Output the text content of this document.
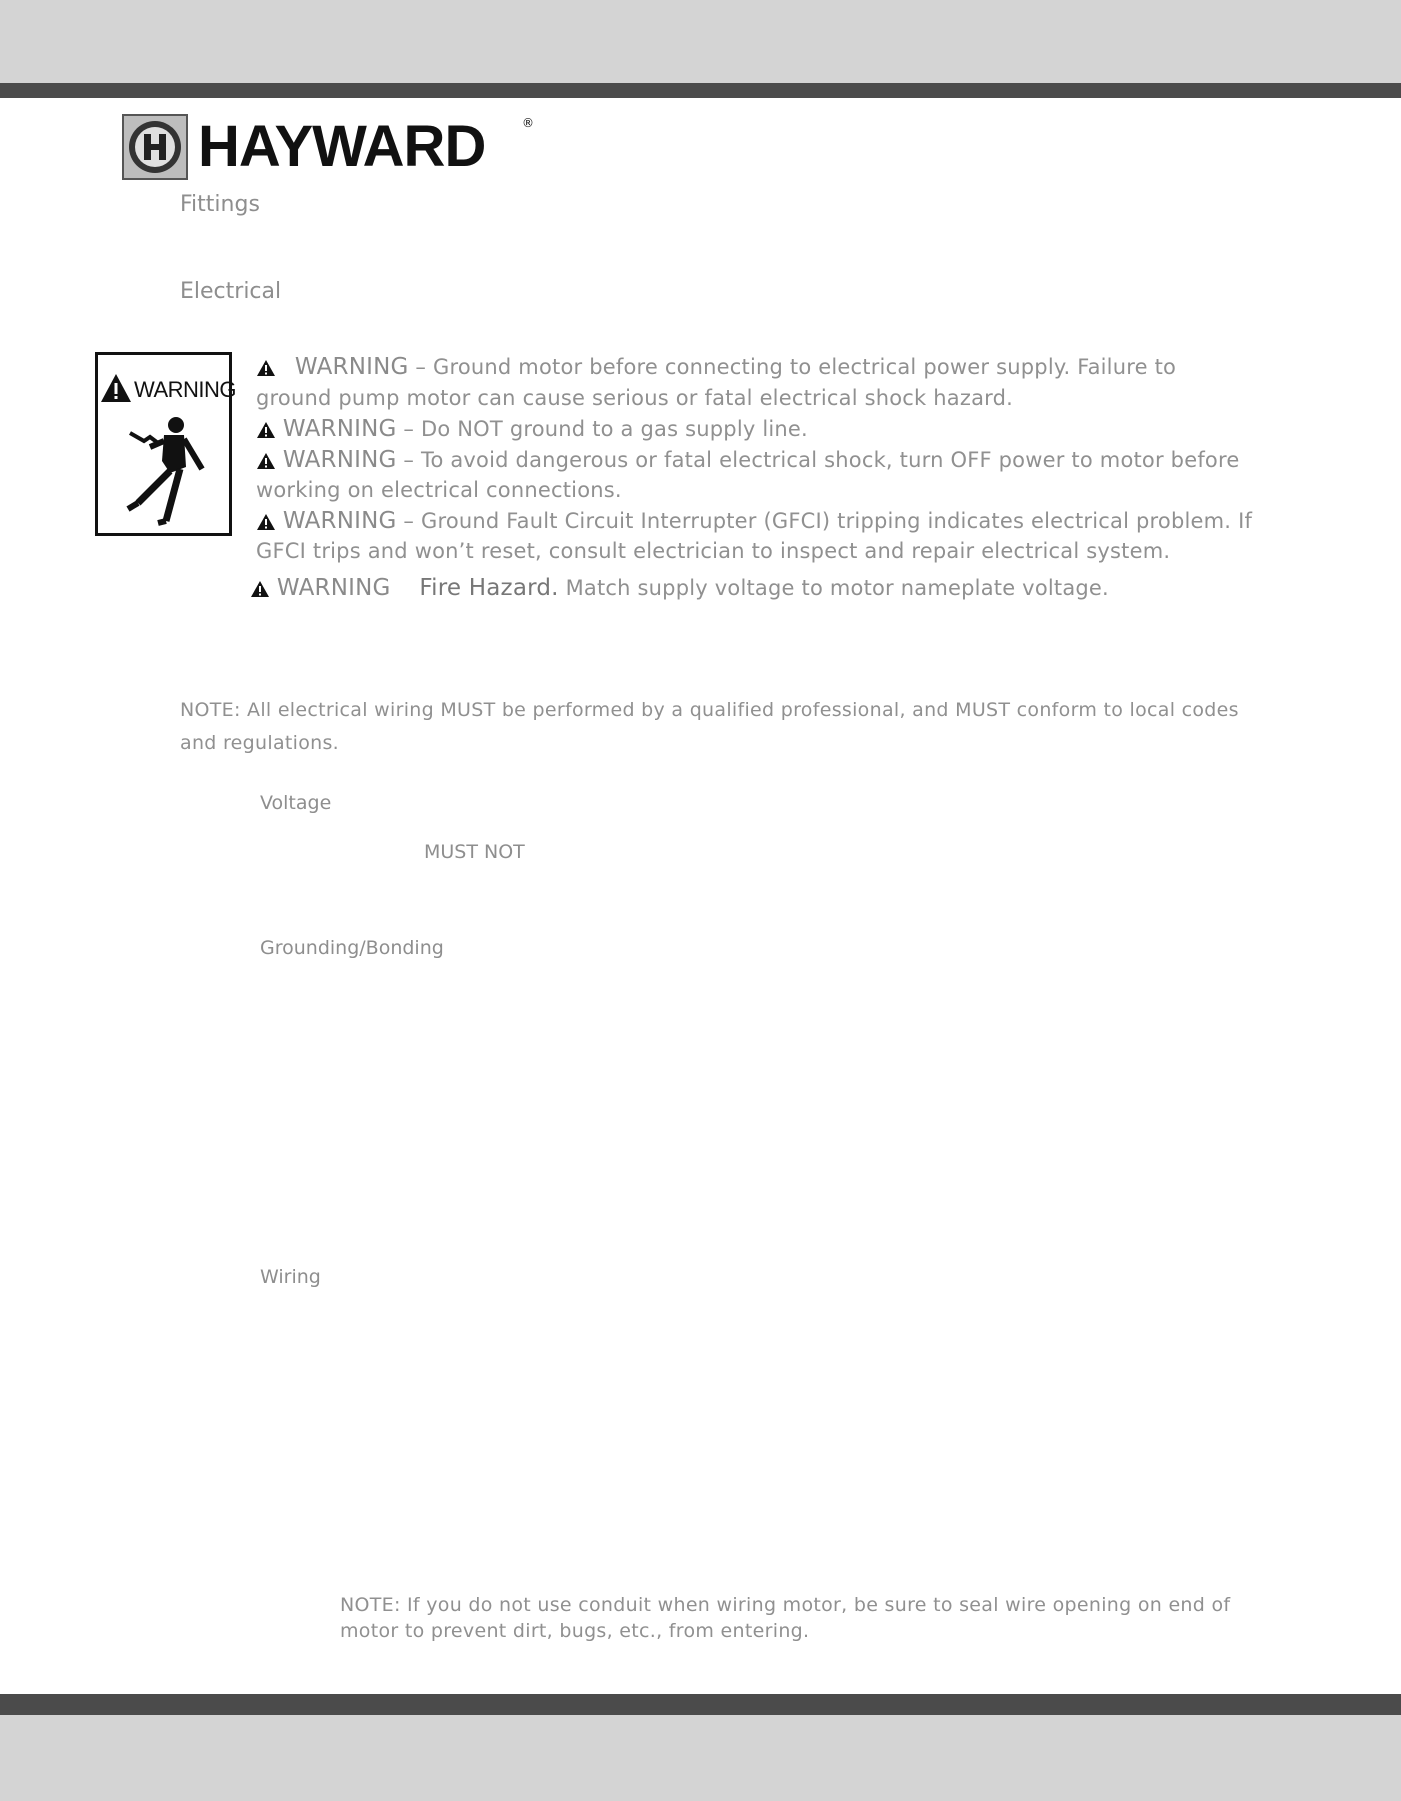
HAYWARD	®
Fittings
Electrical
WARNING
WARNING – Ground motor before connecting to electrical power supply. Failure to
ground pump motor can cause serious or fatal electrical shock hazard.
WARNING – Do NOT ground to a gas supply line.
WARNING – To avoid dangerous or fatal electrical shock, turn OFF power to motor before
working on electrical connections.
WARNING – Ground Fault Circuit Interrupter (GFCI) tripping indicates electrical problem. If
GFCI trips and won’t reset, consult electrician to inspect and repair electrical system.
WARNING Fire Hazard. Match supply voltage to motor nameplate voltage.
NOTE: All electrical wiring MUST be performed by a qualified professional, and MUST conform to local codes
and regulations.
Voltage
MUST NOT
Grounding/Bonding
Wiring
NOTE: If you do not use conduit when wiring motor, be sure to seal wire opening on end of
motor to prevent dirt, bugs, etc., from entering.
